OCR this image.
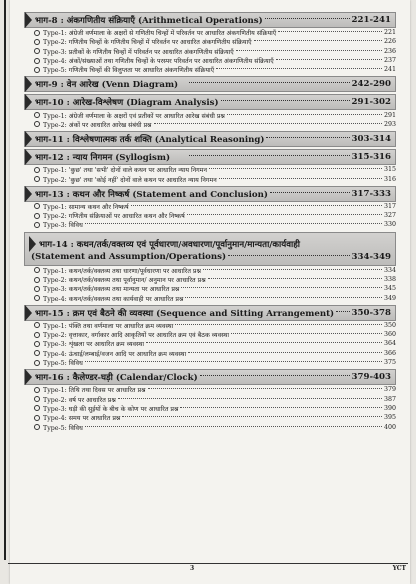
भाग-8 : अंकगणितीय संक्रियाएँ (Arithmetical Operations)	221-241
Type-1: अंग्रेजी वर्णमाला के अक्षरों से गणितीय चिन्हों में परिवर्तन पर आधारित अंकगणितीय संक्रियाएँ	221
Type-2: गणितीय चिन्हों के गणितीय चिन्हों में परिवर्तन पर आधारित अंकगणितीय संक्रियाएँ	226
Type-3: प्रतीकों के गणितीय चिन्हों में परिवर्तन पर आधारित अंकगणितीय संक्रियाएँ	236
Type-4: अंकों/संख्याओं तथा गणितीय चिन्हों के परस्पर परिवर्तन पर आधारित अंकगणितीय संक्रियाएँ	237
Type-5: गणितीय चिन्हों की विलुप्तता पर आधारित अंकगणितीय संक्रियाएँ	241
भाग-9 : वेन आरेख (Venn Diagram)	242-290
भाग-10 : आरेख-विश्लेषण (Diagram Analysis)	291-302
Type-1: अंग्रेजी वर्णमाला के अक्षरों एवं प्रतीकों पर आधारित आरेख संबंधी प्रश्न	291
Type-2: अंकों पर आधारित आरेख संबंधी प्रश्न	293
भाग-11 : विश्लेषणात्मक तर्क शक्ति (Analytical Reasoning)	303-314
भाग-12 : न्याय निगमन (Syllogism)	315-316
Type-1: 'कुछ' तथा 'सभी' दोनों वाले कथन पर आधारित न्याय निगमन	315
Type-2: 'कुछ' तथा 'कोई नहीं' दोनों वाले कथन पर आधारित न्याय निगमन	316
भाग-13 : कथन और निष्कर्ष (Statement and Conclusion)	317-333
Type-1: सामान्य कथन और निष्कर्ष	317
Type-2: गणितीय संक्रियाओं पर आधारित कथन और निष्कर्ष	327
Type-3: विविध	330
भाग-14 : कथन/तर्क/वक्तव्य एवं पूर्वधारणा/अवधारणा/पूर्वानुमान/मान्यता/कार्यवाही
(Statement and Assumption/Operations)	334-349
Type-1: कथन/तर्क/वक्तव्य तथा धारणा/पूर्वधारणा पर आधारित प्रश्न	334
Type-2: कथन/तर्क/वक्तव्य तथा पूर्वानुमान/ अनुमान पर आधारित प्रश्न	338
Type-3: कथन/तर्क/वक्तव्य तथा मान्यता पर आधारित प्रश्न	345
Type-4: कथन/तर्क/वक्तव्य तथा कार्यवाही पर आधारित प्रश्न	349
भाग-15 : क्रम एवं बैठने की व्यवस्था (Sequence and Sitting Arrangement) 350-378
Type-1: पंक्ति तथा वर्णमाला पर आधारित क्रम व्यवस्था	350
Type-2: वृत्ताकार, वर्गाकार आदि आकृतियों पर आधारित क्रम एवं बैठक व्यवस्था	360
Type-3: शृंखला पर आधारित क्रम व्यवस्था	364
Type-4: ऊंचाई/लम्बाई/वजन आदि पर आधारित क्रम व्यवस्था	366
Type-5: विविध	375
भाग-16 : कैलेण्डर-घड़ी (Calendar/Clock)	379-403
Type-1: तिथि तथा दिवस पर आधारित प्रश्न	379
Type-2: वर्ष पर आधारित प्रश्न	387
Type-3: घड़ी की सुईयों के बीच के कोण पर आधारित प्रश्न	390
Type-4: समय पर आधारित प्रश्न	395
Type-5: विविध	400
3	YCT
